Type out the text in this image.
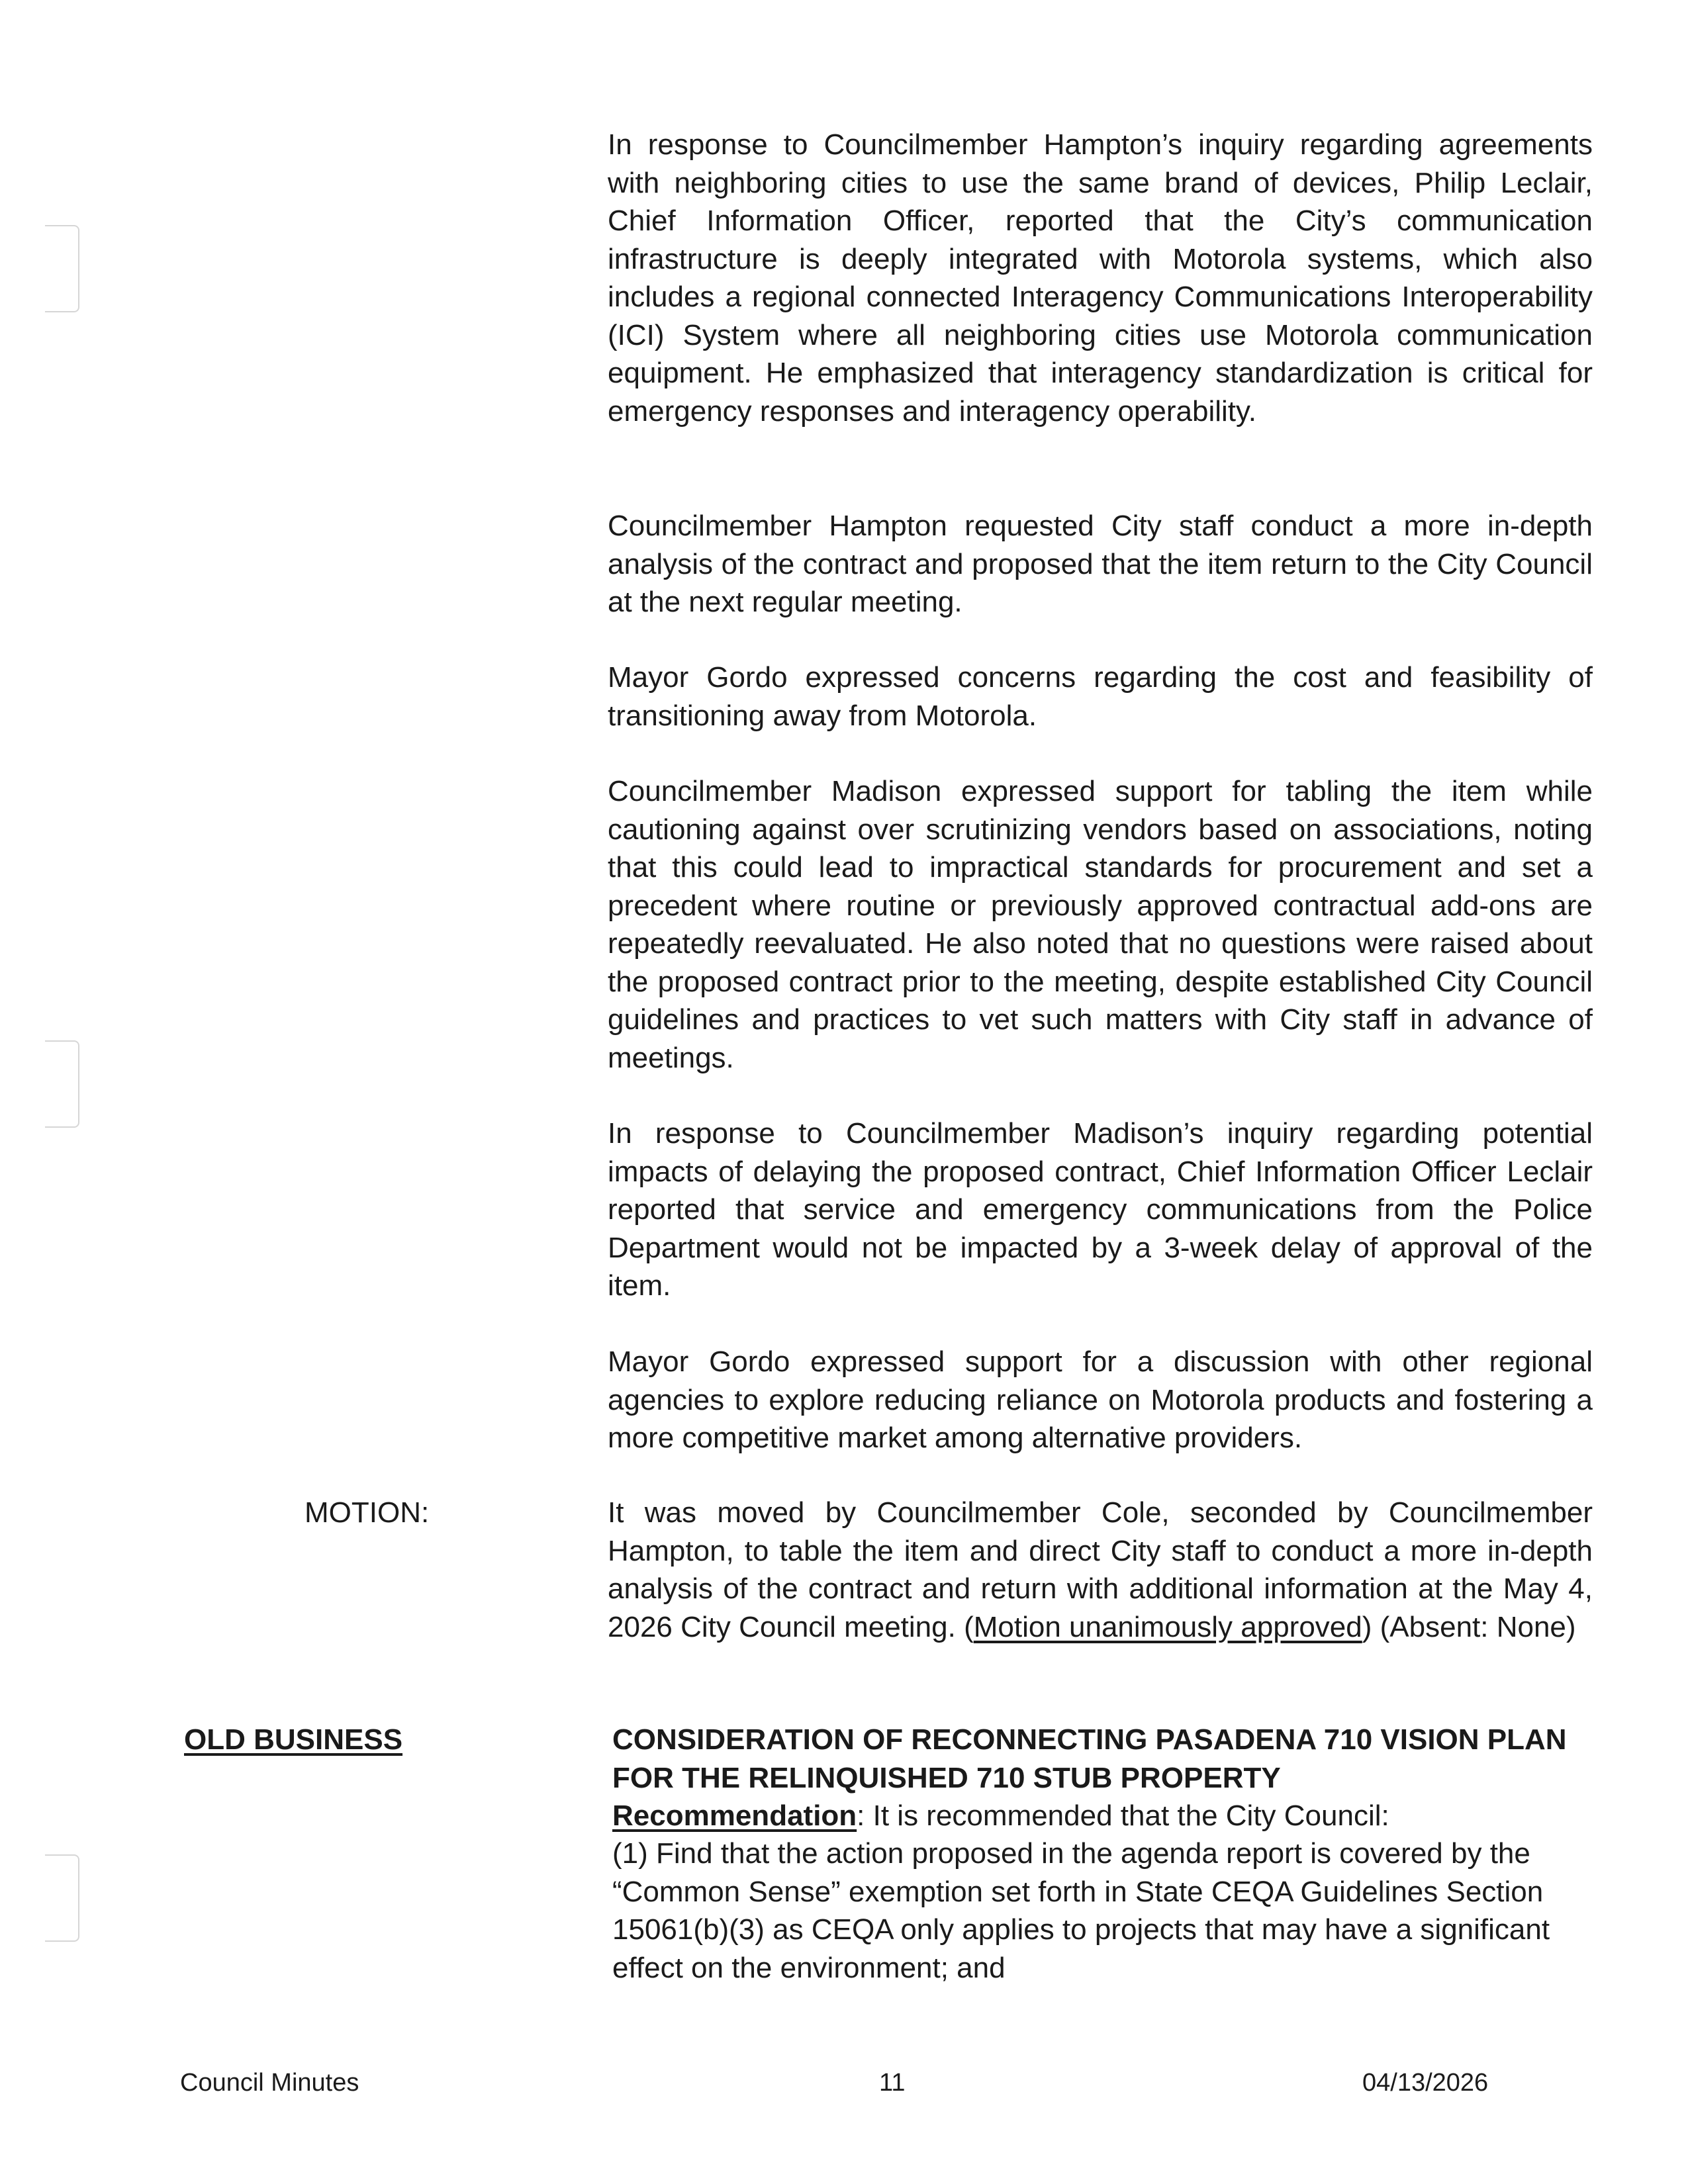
In response to Councilmember Hampton’s inquiry regarding agreements with neighboring cities to use the same brand of devices, Philip Leclair, Chief Information Officer, reported that the City’s communication infrastructure is deeply integrated with Motorola systems, which also includes a regional connected Interagency Communications Interoperability (ICI) System where all neighboring cities use Motorola communication equipment. He emphasized that interagency standardization is critical for emergency responses and interagency operability.

Councilmember Hampton requested City staff conduct a more in-depth analysis of the contract and proposed that the item return to the City Council at the next regular meeting.

Mayor Gordo expressed concerns regarding the cost and feasibility of transitioning away from Motorola.

Councilmember Madison expressed support for tabling the item while cautioning against over scrutinizing vendors based on associations, noting that this could lead to impractical standards for procurement and set a precedent where routine or previously approved contractual add-ons are repeatedly reevaluated. He also noted that no questions were raised about the proposed contract prior to the meeting, despite established City Council guidelines and practices to vet such matters with City staff in advance of meetings.

In response to Councilmember Madison’s inquiry regarding potential impacts of delaying the proposed contract, Chief Information Officer Leclair reported that service and emergency communications from the Police Department would not be impacted by a 3-week delay of approval of the item.

Mayor Gordo expressed support for a discussion with other regional agencies to explore reducing reliance on Motorola products and fostering a more competitive market among alternative providers.

MOTION:	It was moved by Councilmember Cole, seconded by Councilmember Hampton, to table the item and direct City staff to conduct a more in-depth analysis of the contract and return with additional information at the May 4, 2026 City Council meeting. (Motion unanimously approved) (Absent: None)

OLD BUSINESS	CONSIDERATION OF RECONNECTING PASADENA 710 VISION PLAN FOR THE RELINQUISHED 710 STUB PROPERTY

Recommendation: It is recommended that the City Council:

(1) Find that the action proposed in the agenda report is covered by the “Common Sense” exemption set forth in State CEQA Guidelines Section 15061(b)(3) as CEQA only applies to projects that may have a significant effect on the environment; and

Council Minutes	11	04/13/2026
